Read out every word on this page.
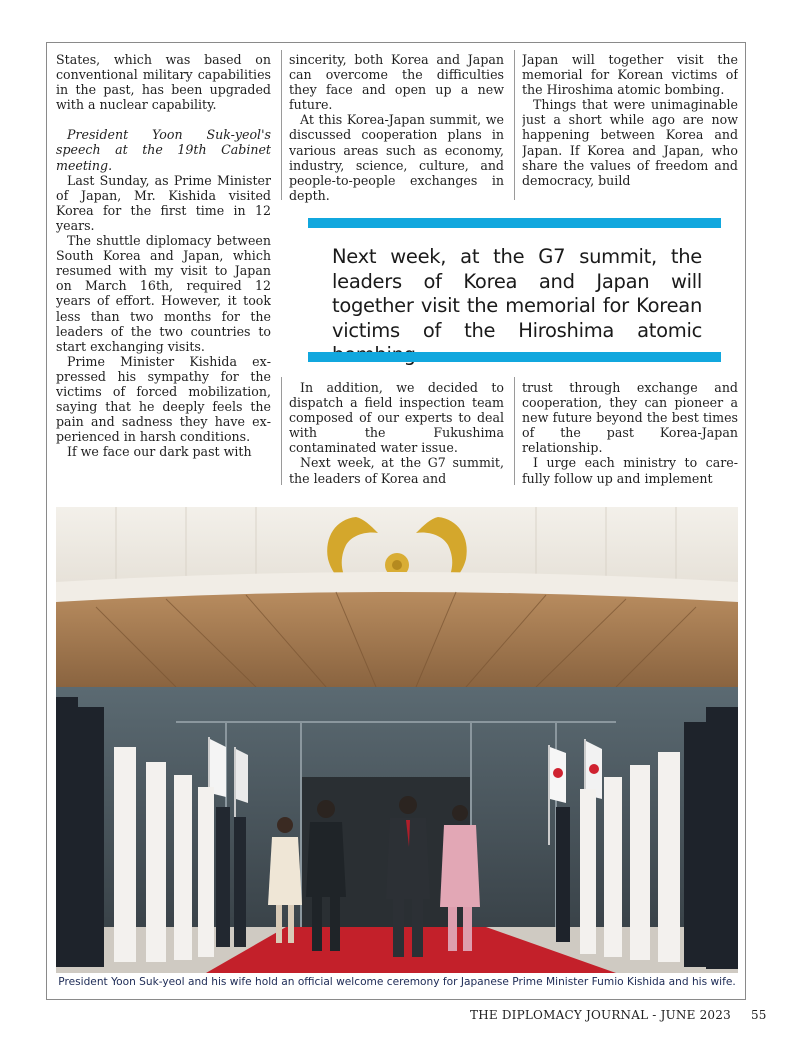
States, which was based on conventional military capabilities in the past, has been upgraded with a nuclear capability.

President Yoon Suk-yeol's speech at the 19th Cabinet meeting.

Last Sunday, as Prime Minister of Japan, Mr. Kishida visited Korea for the first time in 12 years.

The shuttle diplomacy between South Korea and Japan, which resumed with my visit to Japan on March 16th, required 12 years of effort. However, it took less than two months for the leaders of the two countries to start exchanging visits.

Prime Minister Kishida expressed his sympathy for the victims of forced mobilization, saying that he deeply feels the pain and sadness they have experienced in harsh conditions.

If we face our dark past with

sincerity, both Korea and Japan can overcome the difficulties they face and open up a new future.

At this Korea-Japan summit, we discussed cooperation plans in various areas such as economy, industry, science, culture, and people-to-people exchanges in depth.

Japan will together visit the memorial for Korean victims of the Hiroshima atomic bombing.

Things that were unimaginable just a short while ago are now happening between Korea and Japan. If Korea and Japan, who share the values of freedom and democracy, build

Next week, at the G7 summit, the leaders of Korea and Japan will together visit the memorial for Korean victims of the Hiroshima atomic

In addition, we decided to dispatch a field inspection team composed of our experts to deal with the Fukushima contaminated water issue.

Next week, at the G7 summit, the leaders of Korea and

trust through exchange and cooperation, they can pioneer a new future beyond the best times of the past Korea-Japan relationship.

I urge each ministry to carefully follow up and implement

President Yoon Suk-yeol and his wife hold an official welcome ceremony for Japanese Prime Minister Fumio Kishida and his wife.
THE DIPLOMACY JOURNAL - JUNE 2023 55
